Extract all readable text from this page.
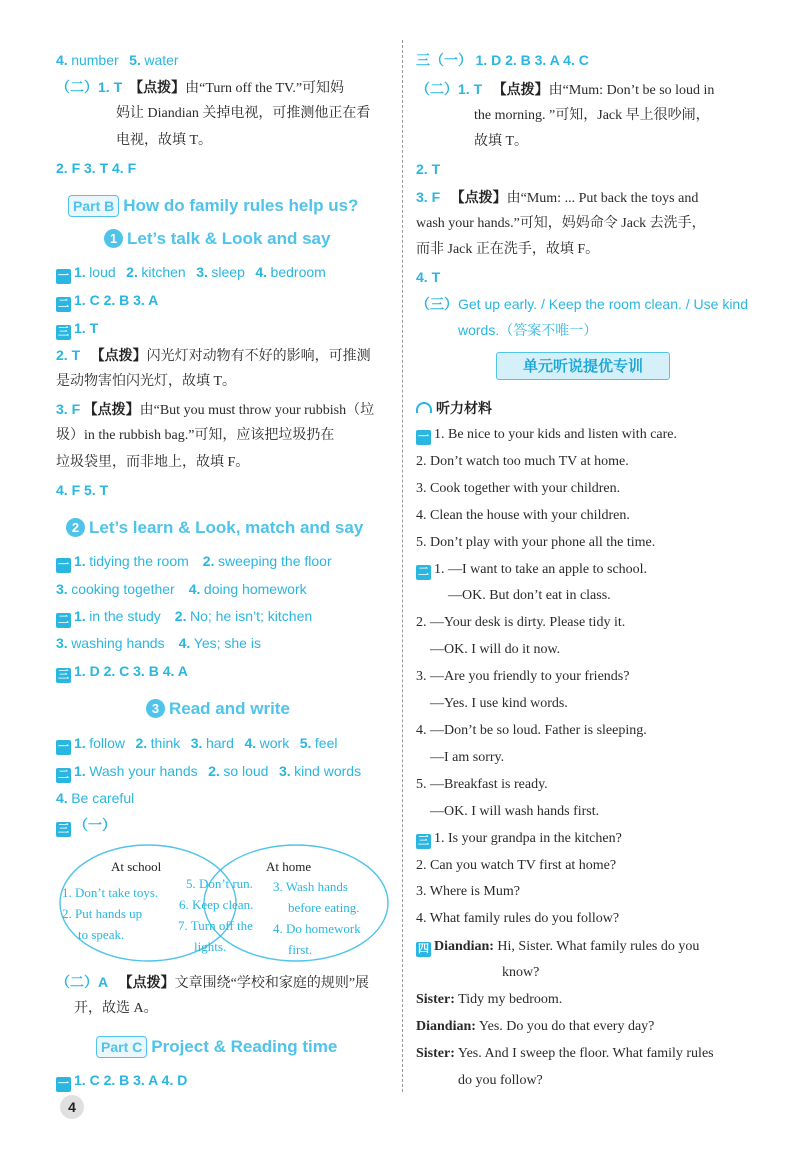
4. number 5. water
（二）1. T 【点拨】由“Turn off the TV.”可知妈
妈让 Diandian 关掉电视，可推测他正在看
电视，故填 T。
2. F 3. T 4. F
Part B How do family rules help us?
1 Let’s talk & Look and say
一 1. loud 2. kitchen 3. sleep 4. bedroom
二 1. C 2. B 3. A
三 1. T
2. T 【点拨】闪光灯对动物有不好的影响，可推测
是动物害怕闪光灯，故填 T。
3. F 【点拨】由“But you must throw your rubbish（垃
圾）in the rubbish bag.”可知，应该把垃圾扔在
垃圾袋里，而非地上，故填 F。
4. F 5. T
2 Let’s learn & Look, match and say
一 1. tidying the room 2. sweeping the floor
3. cooking together 4. doing homework
二 1. in the study 2. No; he isn’t; kitchen
3. washing hands 4. Yes; she is
三 1. D 2. C 3. B 4. A
3 Read and write
一 1. follow 2. think 3. hard 4. work 5. feel
二 1. Wash your hands 2. so loud 3. kind words
4. Be careful
三 （一）
At school	At home
1. Don’t take toys.
2. Put hands up
to speak.
5. Don’t run.
6. Keep clean.
7. Turn off the
lights.
3. Wash hands
before eating.
4. Do homework
first.
（二）A 【点拨】文章围绕“学校和家庭的规则”展
开，故选 A。
Part C Project & Reading time
一 1. C 2. B 3. A 4. D
三（一） 1. D 2. B 3. A 4. C
（二）1. T 【点拨】由“Mum: Don’t be so loud in
the morning. ”可知，Jack 早上很吵闹，
故填 T。
2. T
3. F 【点拨】由“Mum: ... Put back the toys and
wash your hands.”可知，妈妈命令 Jack 去洗手，
而非 Jack 正在洗手，故填 F。
4. T
（三）Get up early. / Keep the room clean. / Use kind
words.（答案不唯一）
单元听说提优专训
听力材料
一 1. Be nice to your kids and listen with care.
2. Don’t watch too much TV at home.
3. Cook together with your children.
4. Clean the house with your children.
5. Don’t play with your phone all the time.
二 1. —I want to take an apple to school.
—OK. But don’t eat in class.
2. —Your desk is dirty. Please tidy it.
—OK. I will do it now.
3. —Are you friendly to your friends?
—Yes. I use kind words.
4. —Don’t be so loud. Father is sleeping.
—I am sorry.
5. —Breakfast is ready.
—OK. I will wash hands first.
三 1. Is your grandpa in the kitchen?
2. Can you watch TV first at home?
3. Where is Mum?
4. What family rules do you follow?
四 Diandian: Hi, Sister. What family rules do you
know?
Sister: Tidy my bedroom.
Diandian: Yes. Do you do that every day?
Sister: Yes. And I sweep the floor. What family rules
do you follow?
4
